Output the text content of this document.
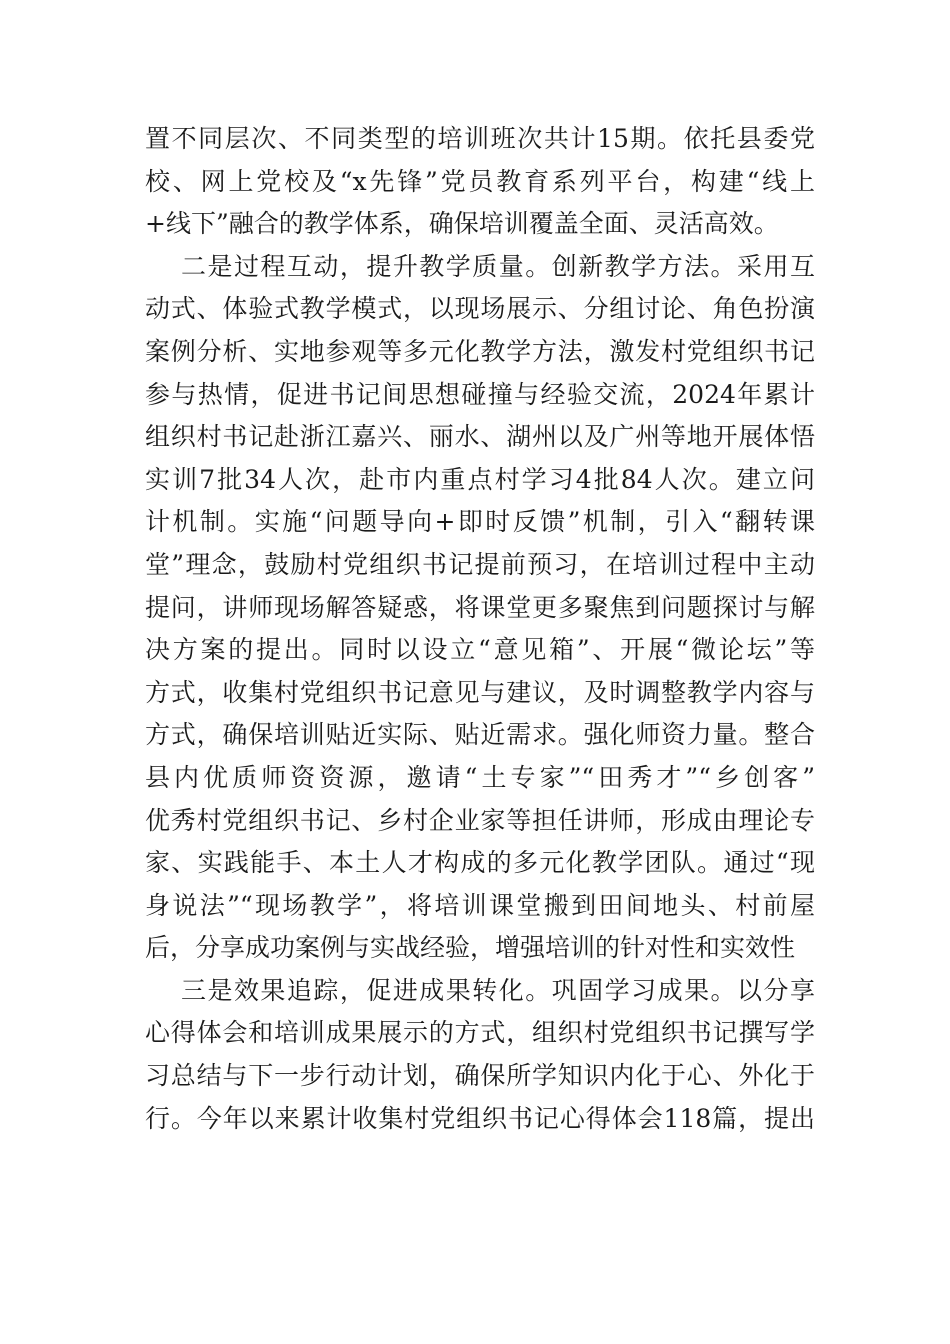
置不同层次、不同类型的培训班次共计15期。依托县委党
校、网上党校及“x先锋”党员教育系列平台，构建“线上
+线下”融合的教学体系，确保培训覆盖全面、灵活高效。
二是过程互动，提升教学质量。创新教学方法。采用互
动式、体验式教学模式，以现场展示、分组讨论、角色扮演
案例分析、实地参观等多元化教学方法，激发村党组织书记
参与热情，促进书记间思想碰撞与经验交流，2024年累计
组织村书记赴浙江嘉兴、丽水、湖州以及广州等地开展体悟
实训7批34人次，赴市内重点村学习4批84人次。建立问
计机制。实施“问题导向+即时反馈”机制，引入“翻转课
堂”理念，鼓励村党组织书记提前预习，在培训过程中主动
提问，讲师现场解答疑惑，将课堂更多聚焦到问题探讨与解
决方案的提出。同时以设立“意见箱”、开展“微论坛”等
方式，收集村党组织书记意见与建议，及时调整教学内容与
方式，确保培训贴近实际、贴近需求。强化师资力量。整合
县内优质师资资源，邀请“土专家”“田秀才”“乡创客”
优秀村党组织书记、乡村企业家等担任讲师，形成由理论专
家、实践能手、本土人才构成的多元化教学团队。通过“现
身说法”“现场教学”，将培训课堂搬到田间地头、村前屋
后，分享成功案例与实战经验，增强培训的针对性和实效性
三是效果追踪，促进成果转化。巩固学习成果。以分享
心得体会和培训成果展示的方式，组织村党组织书记撰写学
习总结与下一步行动计划，确保所学知识内化于心、外化于
行。今年以来累计收集村党组织书记心得体会118篇，提出
